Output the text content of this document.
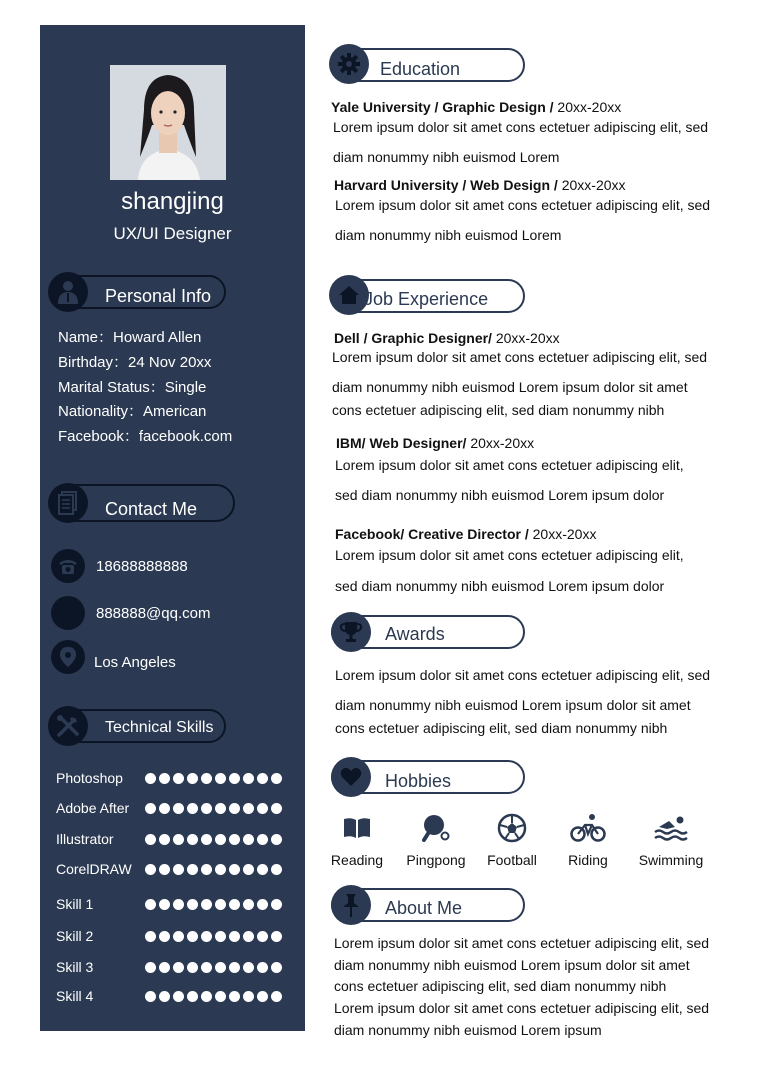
shangjing
UX/UI Designer
Personal Info
Name：Howard Allen
Birthday：24 Nov 20xx
Marital Status：Single
Nationality：American
Facebook：facebook.com
Contact Me
18688888888
888888@qq.com
Los Angeles
Technical Skills
Photoshop
Adobe After
Illustrator
CorelDRAW
Skill 1
Skill 2
Skill 3
Skill 4
Education
Yale University / Graphic Design / 20xx-20xx
Lorem ipsum dolor sit amet cons ectetuer adipiscing elit, sed
diam nonummy nibh euismod Lorem
Harvard University / Web Design / 20xx-20xx
Lorem ipsum dolor sit amet cons ectetuer adipiscing elit, sed
diam nonummy nibh euismod Lorem
Job Experience
Dell / Graphic Designer/ 20xx-20xx
Lorem ipsum dolor sit amet cons ectetuer adipiscing elit, sed
diam nonummy nibh euismod Lorem ipsum dolor sit amet
cons ectetuer adipiscing elit, sed diam nonummy nibh
IBM/ Web Designer/ 20xx-20xx
Lorem ipsum dolor sit amet cons ectetuer adipiscing elit,
sed diam nonummy nibh euismod Lorem ipsum dolor
Facebook/ Creative Director / 20xx-20xx
Lorem ipsum dolor sit amet cons ectetuer adipiscing elit,
sed diam nonummy nibh euismod Lorem ipsum dolor
Awards
Lorem ipsum dolor sit amet cons ectetuer adipiscing elit, sed
diam nonummy nibh euismod Lorem ipsum dolor sit amet
cons ectetuer adipiscing elit, sed diam nonummy nibh
Hobbies
Reading	Pingpong	Football	Riding	Swimming
About Me
Lorem ipsum dolor sit amet cons ectetuer adipiscing elit, sed
diam nonummy nibh euismod Lorem ipsum dolor sit amet
cons ectetuer adipiscing elit, sed diam nonummy nibh
Lorem ipsum dolor sit amet cons ectetuer adipiscing elit, sed
diam nonummy nibh euismod Lorem ipsum
